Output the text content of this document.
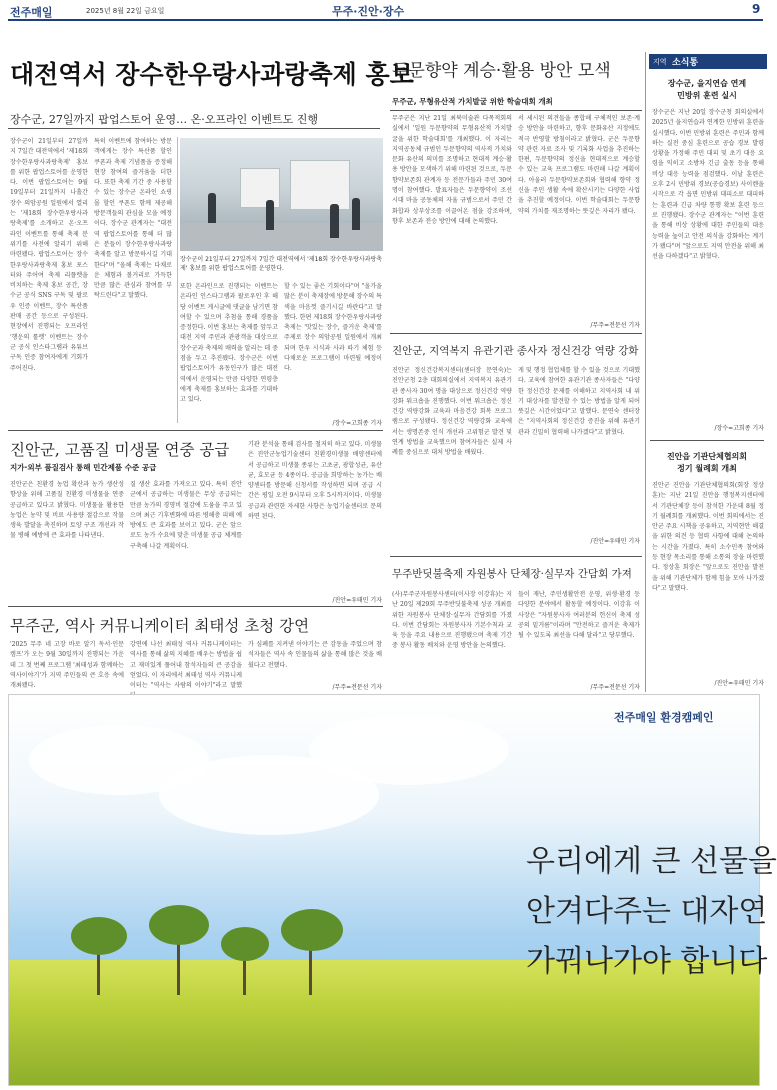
전주매일	2025년 8월 22일 금요일	무주·진안·장수	9
대전역서 장수한우랑사과랑축제 홍보
장수군, 27일까지 팝업스토어 운영… 온·오프라인 이벤트도 진행
장수군이 21일부터 27일까지 7일간 대전역에서 '제18회 장수한우랑사과랑축제' 홍보를 위한 팝업스토어를 운영한다. 이번 팝업스토어는 9월 19일부터 21일까지 나흘간 장수 의암공원 일원에서 열리는 '제18회 장수한우랑사과랑축제'를 소개하고 온·오프라인 이벤트를 통해 축제 분위기를 사전에 알리기 위해 마련됐다. 팝업스토어는 장수한우랑사과랑축제 홍보 포스터와 주어여 축제 리플렛을 비치하는 축제 홍보 공간, 장수군 공식 SNS 구독 및 팔로우 인증 이벤트, 장수 특산품 판매 공간 등으로 구성된다. 현장에서 진행되는 오프라인 '행운의 룰렛' 이벤트는 장수군 공식 인스타그램과 유튜브 구독 인증 참여자에게 기회가 주어진다.
특히 이벤트에 참여하는 방문객에게는 장수 특산품 할인 쿠폰과 축제 기념품을 증정해 현장 참여의 즐거움을 더한다. 또한 축제 기간 중 사용할 수 있는 장수군 온라인 쇼핑몰 할인 쿠폰도 함께 제공해 방문객들의 관심을 모을 예정이다. 장수군 관계자는 "대전역 팝업스토어를 통해 더 많은 분들이 장수한우랑사과랑축제를 알고 방문하시길 기대한다"며 "올해 축제는 다채로운 체험과 볼거리로 가득한 만큼 많은 관심과 참여를 부탁드린다"고 말했다.
장수군이 21일부터 27일까지 7일간 대전역에서 '제18회 장수한우랑사과랑축제' 홍보를 위한 팝업스토어를 운영한다.
또한 온라인으로 진행되는 이벤트는 온라인 인스타그램과 팔로우인 후 해당 이벤트 게시글에 댓글을 남기면 참여할 수 있으며 추첨을 통해 경품을 증정한다. 이번 홍보는 축제를 앞두고 대전 지역 주민과 관광객을 대상으로 장수군과 축제의 매력을 알리는 데 중점을 두고 추진됐다. 장수군은 이번 팝업스토어가 유동인구가 많은 대전역에서 운영되는 만큼 다양한 연령층에게 축제를 홍보하는 효과를 기대하고 있다.
할 수 있는 좋은 기회이다"며 "올가을 많은 분이 축제장에 방문해 장수의 특색을 마음껏 즐기시길 바란다"고 말했다. 한편 제18회 장수한우랑사과랑축제는 '맛있는 장수, 즐거운 축제'를 주제로 장수 의암공원 일원에서 개최되며 한우 시식과 사과 따기 체험 등 다채로운 프로그램이 마련될 예정이다.
/장수=고희종 기자
진안군, 고품질 미생물 연중 공급
지가·외부 품질검사 통해 민간제품 수준 공급
진안군은 친환경 농업 확산과 농가 생산성 향상을 위해 고품질 친환경 미생물을 연중 공급하고 있다고 밝혔다. 미생물을 활용한 농업은 농약 및 비료 사용량 절감으로 작물생육 발달을 촉진하며 토양 구조 개선과 작물 병해 예방에 큰 효과를 나타낸다.
질 생산 효과를 가져오고 있다. 특히 진안군에서 공급하는 미생물은 무상 공급되는 만큼 농가의 경영비 절감에 도움을 주고 있으며 최근 기후변화에 따른 병해충 피해 예방에도 큰 효과를 보이고 있다. 군은 앞으로도 농가 수요에 맞춘 미생물 공급 체계를 구축해 나갈 계획이다.
기관 분석을 통해 검사를 철저히 하고 있다. 미생물은 진안군농업기술센터 친환경미생물 배양센터에서 공급하고 미생물 종류는 고초균, 광합성균, 유산균, 효모균 등 4종이다. 공급을 희망하는 농가는 배양센터를 방문해 신청서를 작성하면 되며 공급 시간은 평일 오전 9시부터 오후 5시까지이다. 미생물 공급과 관련한 자세한 사항은 농업기술센터로 문의하면 된다.
/진안=우태민 기자
무주군, 역사 커뮤니케이터 최태성 초청 강연
'2025 무주 네 고장 바로 알기 독서·인문 캠프'가 오는 9월 30일까지 진행되는 가운데 그 첫 번째 프로그램 '최태성과 함께하는 역사이야기'가 지역 주민들의 큰 호응 속에 개최됐다.
강연에 나선 최태성 역사 커뮤니케이터는 역사를 통해 삶의 지혜를 배우는 방법을 쉽고 재미있게 풀어내 참석자들의 큰 공감을 얻었다. 이 자리에서 최태성 역사 커뮤니케이터는 "역사는 사람의 이야기"라고 말했
가 심폐를 지켜낸 이야기는 큰 감동을 주었으며 참석자들은 역사 속 인물들의 삶을 통해 많은 것을 배웠다고 전했다.
/무주=전문선 기자
두문향약 계승·활용 방안 모색
무주군, 무형유산적 가치발굴 위한 학술대회 개최
무주군은 지난 21일 최북미술관 다목적회의실에서 '일원 두문향약의 무형유산적 가치발굴을 위한 학술대회'를 개최했다. 이 자리는 지역공동체 규범인 두문향약의 역사적 가치와 문화 유산의 의미를 조명하고 현대적 계승·활용 방안을 모색하기 위해 마련된 것으로, 두문향약보존회 관계자 등 전문가들과 주민 30여 명이 참여했다. 발표자들은 두문향약이 조선시대 마을 공동체의 자율 규범으로서 주민 간 화합과 상부상조를 이끌어온 점을 강조하며, 향후 보존과 전승 방안에 대해 논의했다.
서 세시된 의견들을 종합해 구체적인 보존·계승 방안을 마련하고, 향후 문화유산 지정에도 적극 반영할 방침이라고 밝혔다. 군은 두문향약 관련 자료 조사 및 기록화 사업을 추진하는 한편, 두문향약의 정신을 현대적으로 계승할 수 있는 교육 프로그램도 마련해 나갈 계획이다. 아울러 두문향약보존회와 협력해 향약 정신을 주민 생활 속에 확산시키는 다양한 사업을 추진할 예정이다. 이번 학술대회는 두문향약의 가치를 재조명하는 뜻깊은 자리가 됐다.
/무주=전문선 기자
진안군, 지역복지 유관기관 종사자 정신건강 역량 강화
진안군 정신건강복지센터(센터장 문연숙)는 진안군청 2층 대회의실에서 지역복지 유관기관 종사자 30여 명을 대상으로 정신건강 역량강화 워크숍을 진행했다. 이번 워크숍은 정신건강 역량강화 교육과 마음건강 회복 프로그램으로 구성됐다. 정신건강 역량강화 교육에서는 생명존중 인식 개선과 고위험군 발견 및 연계 방법을 교육했으며 참여자들은 실제 사례를 중심으로 대처 방법을 배웠다.
게 및 행정 협업체를 할 수 있을 것으로 기대했다. 교육에 참여한 유관기관 종사자들은 "다양한 정신건강 문제를 이해하고 지역사회 내 위기 대상자를 발견할 수 있는 방법을 알게 되어 뜻깊은 시간이었다"고 말했다. 문연숙 센터장은 "지역사회의 정신건강 증진을 위해 유관기관과 긴밀히 협력해 나가겠다"고 밝혔다.
/진안=우태민 기자
무주반딧불축제 자원봉사 단체장·실무자 간담회 가져
(사)무주군자원봉사센터(이사장 이강휴)는 지난 20일 제29회 무주반딧불축제 성공 개최를 위한 자원봉사 단체장·실무자 간담회를 가졌다. 이번 간담회는 자원봉사자 기본수칙과 교육 등을 주요 내용으로 진행됐으며 축제 기간 중 봉사 활동 배치와 운영 방안을 논의했다.
들이 재난, 주민생활안전 운영, 위생·환경 등 다양한 분야에서 활동할 예정이다. 이강휴 이사장은 "자원봉사자 여러분의 헌신이 축제 성공의 밑거름"이라며 "안전하고 즐거운 축제가 될 수 있도록 최선을 다해 달라"고 당부했다.
/무주=전문선 기자
지역 소식통
장수군, 을지연습 연계
민방위 훈련 실시
장수군은 지난 20일 장수군청 회의실에서 2025년 을지연습과 연계한 민방위 훈련을 실시했다. 이번 민방위 훈련은 주민과 함께하는 실전 중심 훈련으로 공습 경보 발령 상황을 가정해 주민 대피 및 초기 대응 요령을 익히고 소방차 긴급 출동 등을 통해 비상 대응 능력을 점검했다. 이날 훈련은 오후 2시 민방위 경보(공습경보) 사이렌을 시작으로 각 읍면 민방위 대피소로 대피하는 훈련과 긴급 차량 통행 확보 훈련 등으로 진행됐다. 장수군 관계자는 "이번 훈련을 통해 비상 상황에 대한 주민들의 대응 능력을 높이고 안전 의식을 강화하는 계기가 됐다"며 "앞으로도 지역 안전을 위해 최선을 다하겠다"고 밝혔다.
/장수=고희종 기자
진안읍 기관단체협의회
정기 월례회 개최
진안군 진안읍 기관단체협의회(회장 정상훈)는 지난 21일 진안읍 행정복지센터에서 기관단체장 등이 참석한 가운데 8월 정기 월례회를 개최했다. 이번 회의에서는 진안군 주요 시책을 공유하고, 지역현안 해결을 위한 의견 등 협력 사항에 대해 논의하는 시간을 가졌다. 특히 소수민족 참여와 등 현장 목소리를 통해 소통의 장을 마련했다. 정상훈 회장은 "앞으로도 진안읍 발전을 위해 기관단체가 함께 힘을 모아 나가겠다"고 말했다.
/진안=우태민 기자
전주매일 환경캠페인
우리에게 큰 선물을
안겨다주는 대자연
가꿔나가야 합니다
